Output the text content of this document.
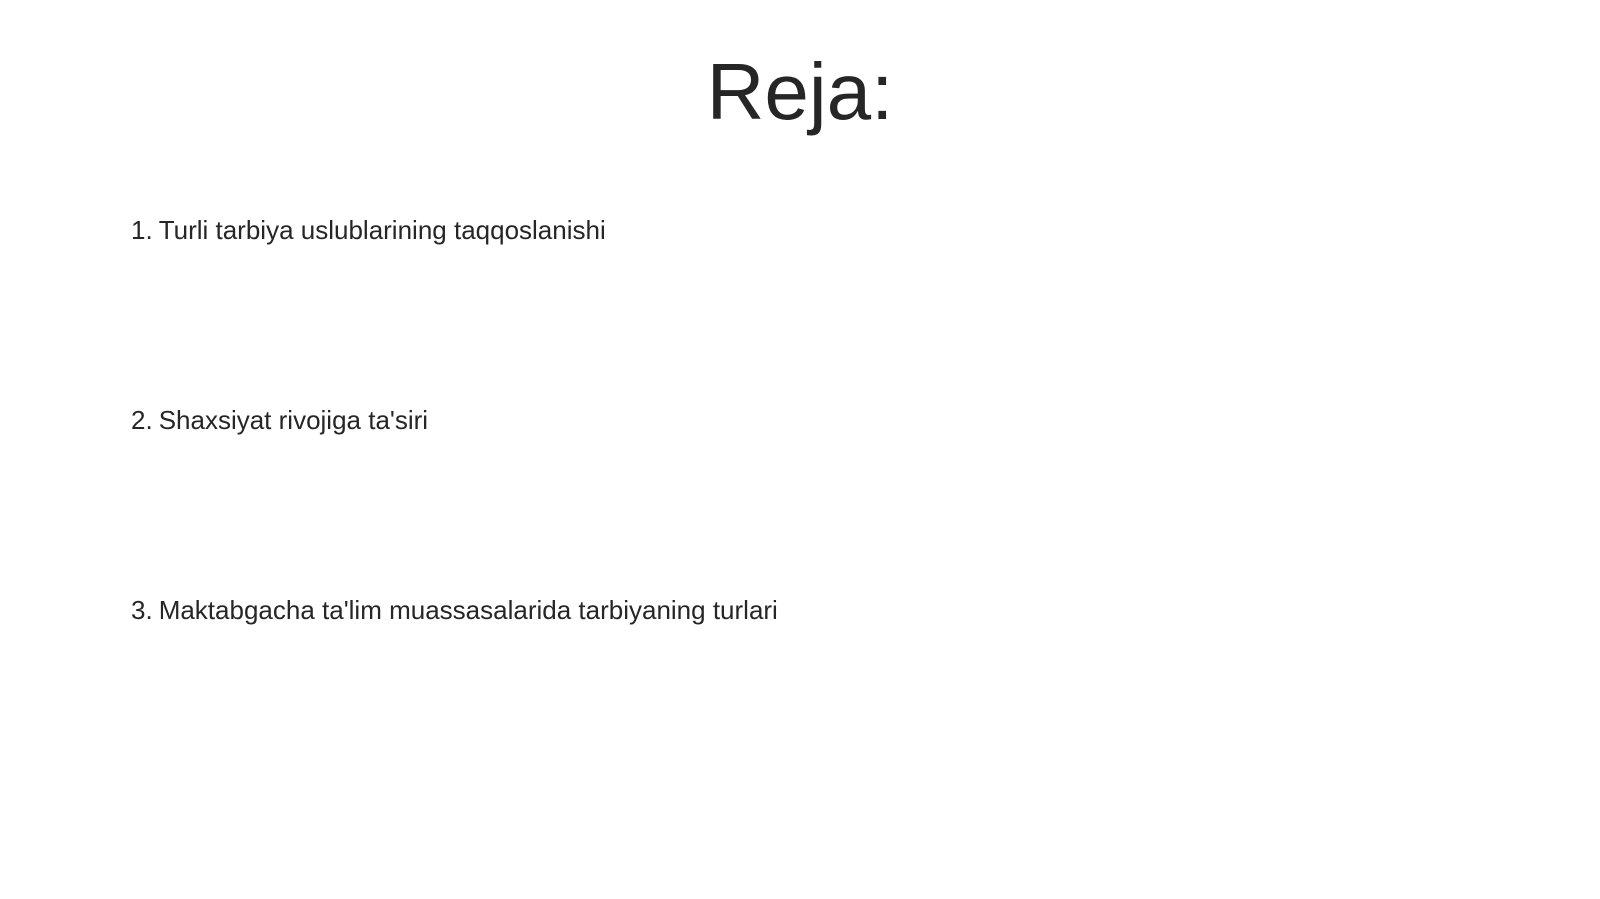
Reja:
1. Turli tarbiya uslublarining taqqoslanishi
2. Shaxsiyat rivojiga ta'siri
3. Maktabgacha ta'lim muassasalarida tarbiyaning turlari
